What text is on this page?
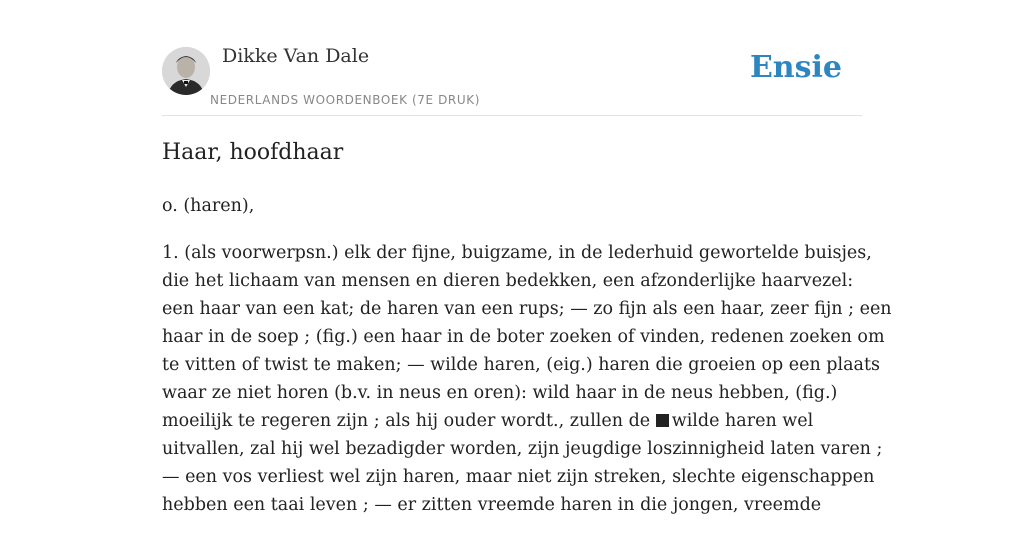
Dikke Van Dale
NEDERLANDS WOORDENBOEK (7E DRUK)
Ensie
Haar, hoofdhaar

o. (haren),

1. (als voorwerpsn.) elk der fijne, buigzame, in de lederhuid gewortelde buisjes,
die het lichaam van mensen en dieren bedekken, een afzonderlijke haarvezel:
een haar van een kat; de haren van een rups; — zo fijn als een haar, zeer fijn ; een
haar in de soep ; (fig.) een haar in de boter zoeken of vinden, redenen zoeken om
te vitten of twist te maken; — wilde haren, (eig.) haren die groeien op een plaats
waar ze niet horen (b.v. in neus en oren): wild haar in de neus hebben, (fig.)
moeilijk te regeren zijn ; als hij ouder wordt., zullen de wilde haren wel
uitvallen, zal hij wel bezadigder worden, zijn jeugdige loszinnigheid laten varen ;
— een vos verliest wel zijn haren, maar niet zijn streken, slechte eigenschappen
hebben een taai leven ; — er zitten vreemde haren in die jongen, vreemde
